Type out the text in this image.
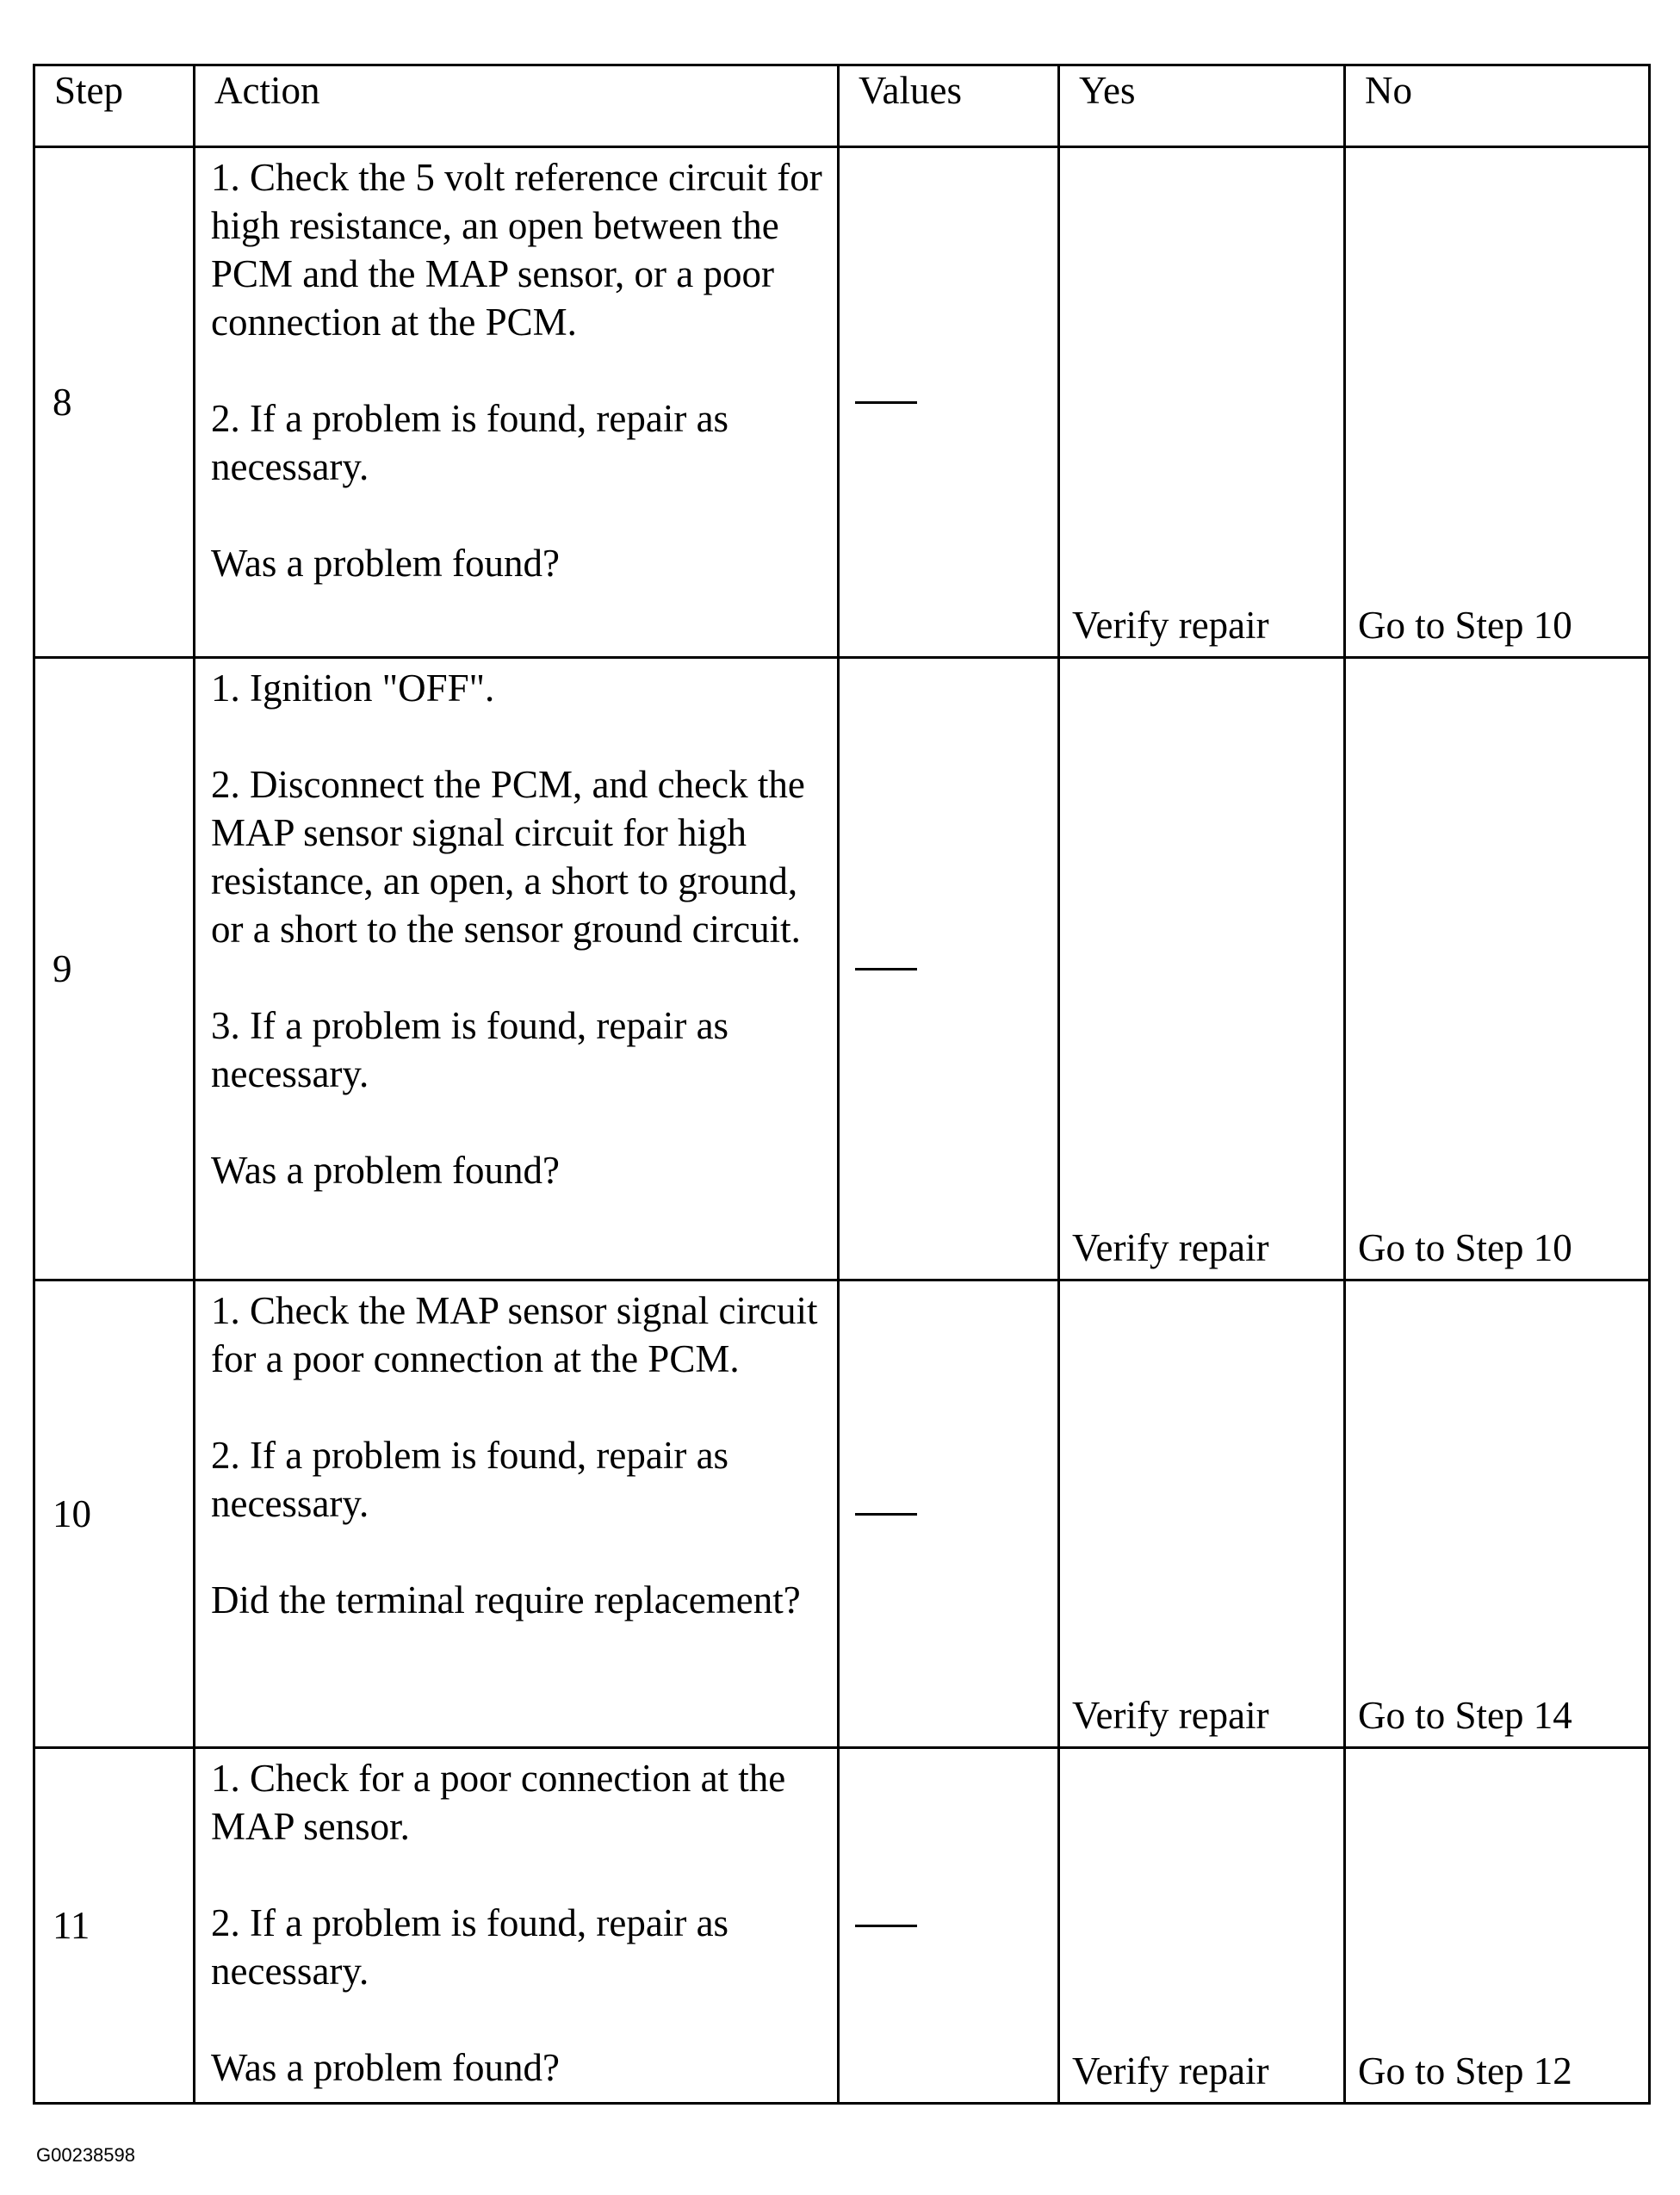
Step	Action	Values	Yes	No

8	1. Check the 5 volt reference circuit for high resistance, an open between the PCM and the MAP sensor, or a poor connection at the PCM.
2. If a problem is found, repair as necessary.
Was a problem found?		Verify repair	Go to Step 10

9	1. Ignition "OFF".
2. Disconnect the PCM, and check the MAP sensor signal circuit for high resistance, an open, a short to ground, or a short to the sensor ground circuit.
3. If a problem is found, repair as necessary.
Was a problem found?		Verify repair	Go to Step 10

10	1. Check the MAP sensor signal circuit for a poor connection at the PCM.
2. If a problem is found, repair as necessary.
Did the terminal require replacement?		Verify repair	Go to Step 14

11	1. Check for a poor connection at the MAP sensor.
2. If a problem is found, repair as necessary.
Was a problem found?		Verify repair	Go to Step 12
G00238598
